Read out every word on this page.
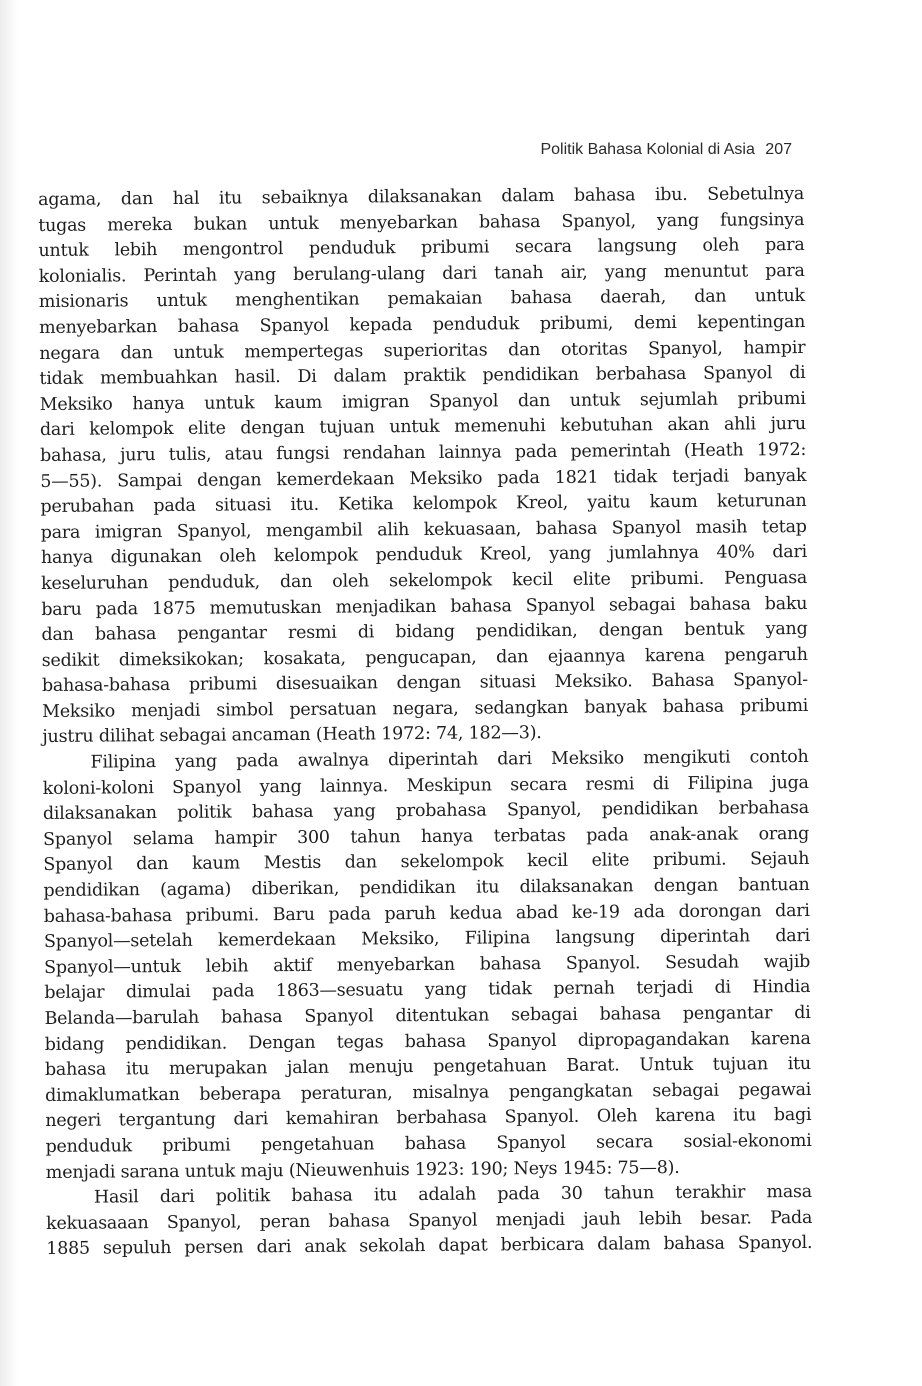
Politik Bahasa Kolonial di Asia 207
agama, dan hal itu sebaiknya dilaksanakan dalam bahasa ibu. Sebetulnya
tugas mereka bukan untuk menyebarkan bahasa Spanyol, yang fungsinya
untuk lebih mengontrol penduduk pribumi secara langsung oleh para
kolonialis. Perintah yang berulang-ulang dari tanah air, yang menuntut para
misionaris untuk menghentikan pemakaian bahasa daerah, dan untuk
menyebarkan bahasa Spanyol kepada penduduk pribumi, demi kepentingan
negara dan untuk mempertegas superioritas dan otoritas Spanyol, hampir
tidak membuahkan hasil. Di dalam praktik pendidikan berbahasa Spanyol di
Meksiko hanya untuk kaum imigran Spanyol dan untuk sejumlah pribumi
dari kelompok elite dengan tujuan untuk memenuhi kebutuhan akan ahli juru
bahasa, juru tulis, atau fungsi rendahan lainnya pada pemerintah (Heath 1972:
5—55). Sampai dengan kemerdekaan Meksiko pada 1821 tidak terjadi banyak
perubahan pada situasi itu. Ketika kelompok Kreol, yaitu kaum keturunan
para imigran Spanyol, mengambil alih kekuasaan, bahasa Spanyol masih tetap
hanya digunakan oleh kelompok penduduk Kreol, yang jumlahnya 40% dari
keseluruhan penduduk, dan oleh sekelompok kecil elite pribumi. Penguasa
baru pada 1875 memutuskan menjadikan bahasa Spanyol sebagai bahasa baku
dan bahasa pengantar resmi di bidang pendidikan, dengan bentuk yang
sedikit dimeksikokan; kosakata, pengucapan, dan ejaannya karena pengaruh
bahasa-bahasa pribumi disesuaikan dengan situasi Meksiko. Bahasa Spanyol-
Meksiko menjadi simbol persatuan negara, sedangkan banyak bahasa pribumi
justru dilihat sebagai ancaman (Heath 1972: 74, 182—3).
Filipina yang pada awalnya diperintah dari Meksiko mengikuti contoh
koloni-koloni Spanyol yang lainnya. Meskipun secara resmi di Filipina juga
dilaksanakan politik bahasa yang probahasa Spanyol, pendidikan berbahasa
Spanyol selama hampir 300 tahun hanya terbatas pada anak-anak orang
Spanyol dan kaum Mestis dan sekelompok kecil elite pribumi. Sejauh
pendidikan (agama) diberikan, pendidikan itu dilaksanakan dengan bantuan
bahasa-bahasa pribumi. Baru pada paruh kedua abad ke-19 ada dorongan dari
Spanyol—setelah kemerdekaan Meksiko, Filipina langsung diperintah dari
Spanyol—untuk lebih aktif menyebarkan bahasa Spanyol. Sesudah wajib
belajar dimulai pada 1863—sesuatu yang tidak pernah terjadi di Hindia
Belanda—barulah bahasa Spanyol ditentukan sebagai bahasa pengantar di
bidang pendidikan. Dengan tegas bahasa Spanyol dipropagandakan karena
bahasa itu merupakan jalan menuju pengetahuan Barat. Untuk tujuan itu
dimaklumatkan beberapa peraturan, misalnya pengangkatan sebagai pegawai
negeri tergantung dari kemahiran berbahasa Spanyol. Oleh karena itu bagi
penduduk pribumi pengetahuan bahasa Spanyol secara sosial-ekonomi
menjadi sarana untuk maju (Nieuwenhuis 1923: 190; Neys 1945: 75—8).
Hasil dari politik bahasa itu adalah pada 30 tahun terakhir masa
kekuasaaan Spanyol, peran bahasa Spanyol menjadi jauh lebih besar. Pada
1885 sepuluh persen dari anak sekolah dapat berbicara dalam bahasa Spanyol.
